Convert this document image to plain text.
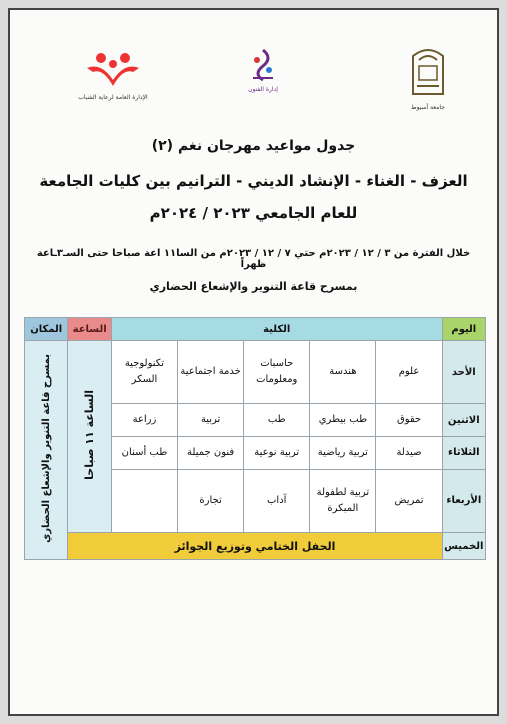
الإدارة العامة لرعاية الشباب
إدارة الفنون
جامعة أسيوط
جدول مواعيد مهرجان نغم (٢)
العزف - الغناء - الإنشاد الديني - الترانيم بين كليات الجامعة
للعام الجامعي ٢٠٢٣ / ٢٠٢٤م
خلال الفترة من ٣ / ١٢ / ٢٠٢٣م حتي ٧ / ١٢ / ٢٠٢٣م من السا١١ اعة صباحا حتى السـ٣ـاعة ظهراً
بمسرح قاعة التنوير والإشعاع الحضاري
اليوم	الكلية					الساعة	المكان
الأحد	علوم	هندسة	حاسبات ومعلومات	خدمة اجتماعية	تكنولوجية السكر	الساعة ١١ صباحا	بمسرح قاعة التنوير والإشعاع الحضاري
الاثنين	حقوق	طب بيطري	طب	تربية	زراعة		
الثلاثاء	صيدلة	تربية رياضية	تربية نوعية	فنون جميلة	طب أسنان		
الأربعاء	تمريض	تربية لطفولة المبكرة	آداب	تجارة			
الخميس	الحفل الختامي وتوزيع الجوائز						
